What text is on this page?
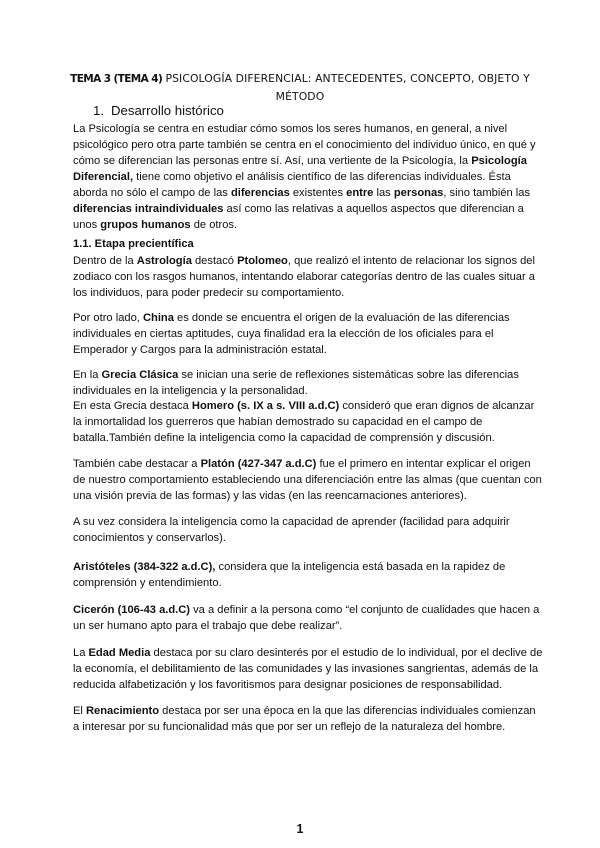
TEMA 3 (TEMA 4) PSICOLOGÍA DIFERENCIAL: ANTECEDENTES, CONCEPTO, OBJETO Y MÉTODO
1. Desarrollo histórico

La Psicología se centra en estudiar cómo somos los seres humanos, en general, a nivel psicológico pero otra parte también se centra en el conocimiento del individuo único, en qué y cómo se diferencian las personas entre sí. Así, una vertiente de la Psicología, la Psicología Diferencial, tiene como objetivo el análisis científico de las diferencias individuales. Ésta aborda no sólo el campo de las diferencias existentes entre las personas, sino también las diferencias intraindividuales así como las relativas a aquellos aspectos que diferencian a unos grupos humanos de otros.

1.1. Etapa precientífica

Dentro de la Astrología destacó Ptolomeo, que realizó el intento de relacionar los signos del zodiaco con los rasgos humanos, intentando elaborar categorías dentro de las cuales situar a los individuos, para poder predecir su comportamiento.

Por otro lado, China es donde se encuentra el origen de la evaluación de las diferencias individuales en ciertas aptitudes, cuya finalidad era la elección de los oficiales para el Emperador y Cargos para la administración estatal.

En la Grecia Clásica se inician una serie de reflexiones sistemáticas sobre las diferencias individuales en la inteligencia y la personalidad.

En esta Grecia destaca Homero (s. IX a s. VIII a.d.C) consideró que eran dignos de alcanzar la inmortalidad los guerreros que habían demostrado su capacidad en el campo de batalla.También define la inteligencia como la capacidad de comprensión y discusión.

También cabe destacar a Platón (427-347 a.d.C) fue el primero en intentar explicar el origen de nuestro comportamiento estableciendo una diferenciación entre las almas (que cuentan con una visión previa de las formas) y las vidas (en las reencarnaciones anteriores).

A su vez considera la inteligencia como la capacidad de aprender (facilidad para adquirir conocimientos y conservarlos).

Aristóteles (384-322 a.d.C), considera que la inteligencia está basada en la rapidez de comprensión y entendimiento.

Cicerón (106-43 a.d.C) va a definir a la persona como “el conjunto de cualidades que hacen a un ser humano apto para el trabajo que debe realizar”.

La Edad Media destaca por su claro desinterés por el estudio de lo individual, por el declive de la economía, el debilitamiento de las comunidades y las invasiones sangrientas, además de la reducida alfabetización y los favoritismos para designar posiciones de responsabilidad.

El Renacimiento destaca por ser una época en la que las diferencias individuales comienzan a interesar por su funcionalidad más que por ser un reflejo de la naturaleza del hombre.

1
